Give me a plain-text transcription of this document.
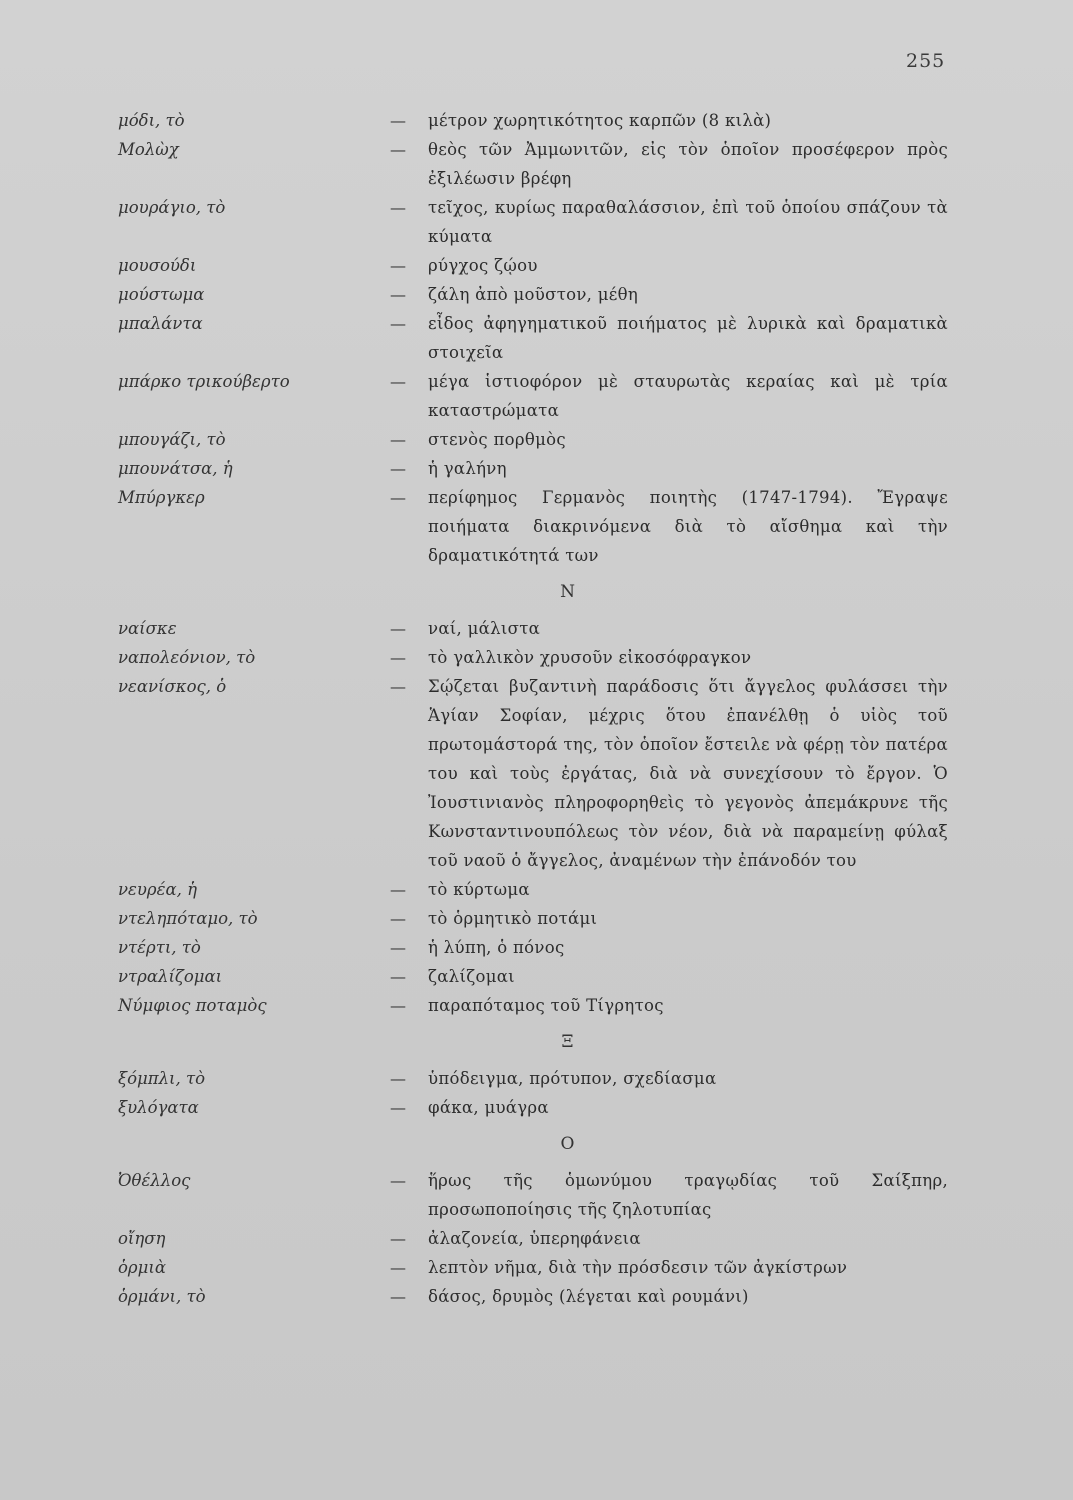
255
μόδι, τὸ	— μέτρον χωρητικότητος καρπῶν (8 κιλὰ)
Μολὼχ	— θεὸς τῶν Ἀμμωνιτῶν, εἰς τὸν ὁποῖον προσέφερον πρὸς ἐξιλέωσιν βρέφη
μουράγιο, τὸ	— τεῖχος, κυρίως παραθαλάσσιον, ἐπὶ τοῦ ὁποίου σπάζουν τὰ κύματα
μουσούδι	— ρύγχος ζῴου
μούστωμα	— ζάλη ἀπὸ μοῦστον, μέθη
μπαλάντα	— εἶδος ἀφηγηματικοῦ ποιήματος μὲ λυρικὰ καὶ δραματικὰ στοιχεῖα
μπάρκο τρικούβερτο	— μέγα ἱστιοφόρον μὲ σταυρωτὰς κεραίας καὶ μὲ τρία καταστρώματα
μπουγάζι, τὸ	— στενὸς πορθμὸς
μπουνάτσα, ἡ	— ἡ γαλήνη
Μπύργκερ	— περίφημος Γερμανὸς ποιητὴς (1747-1794). Ἔγραψε ποιήματα διακρινόμενα διὰ τὸ αἴσθημα καὶ τὴν δραματικότητά των
Ν
ναίσκε	— ναί, μάλιστα
ναπολεόνιον, τὸ	— τὸ γαλλικὸν χρυσοῦν εἰκοσόφραγκον
νεανίσκος, ὁ	— Σῴζεται βυζαντινὴ παράδοσις ὅτι ἄγγελος φυλάσσει τὴν Ἁγίαν Σοφίαν, μέχρις ὅτου ἐπανέλθῃ ὁ υἱὸς τοῦ πρωτομάστορά της, τὸν ὁποῖον ἔστειλε νὰ φέρῃ τὸν πατέρα του καὶ τοὺς ἐργάτας, διὰ νὰ συνεχίσουν τὸ ἔργον. Ὁ Ἰουστινιανὸς πληροφορηθεὶς τὸ γεγονὸς ἀπεμάκρυνε τῆς Κωνσταντινουπόλεως τὸν νέον, διὰ νὰ παραμείνῃ φύλαξ τοῦ ναοῦ ὁ ἄγγελος, ἀναμένων τὴν ἐπάνοδόν του
νευρέα, ἡ	— τὸ κύρτωμα
ντεληπόταμο, τὸ	— τὸ ὁρμητικὸ ποτάμι
ντέρτι, τὸ	— ἡ λύπη, ὁ πόνος
ντραλίζομαι	— ζαλίζομαι
Νύμφιος ποταμὸς	— παραπόταμος τοῦ Τίγρητος
Ξ
ξόμπλι, τὸ	— ὑπόδειγμα, πρότυπον, σχεδίασμα
ξυλόγατα	— φάκα, μυάγρα
Ο
Ὀθέλλος	— ἥρως τῆς ὁμωνύμου τραγῳδίας τοῦ Σαίξπηρ, προσωποποίησις τῆς ζηλοτυπίας
οἴηση	— ἀλαζονεία, ὑπερηφάνεια
ὁρμιὰ	— λεπτὸν νῆμα, διὰ τὴν πρόσδεσιν τῶν ἀγκίστρων
ὁρμάνι, τὸ	— δάσος, δρυμὸς (λέγεται καὶ ρουμάνι)
